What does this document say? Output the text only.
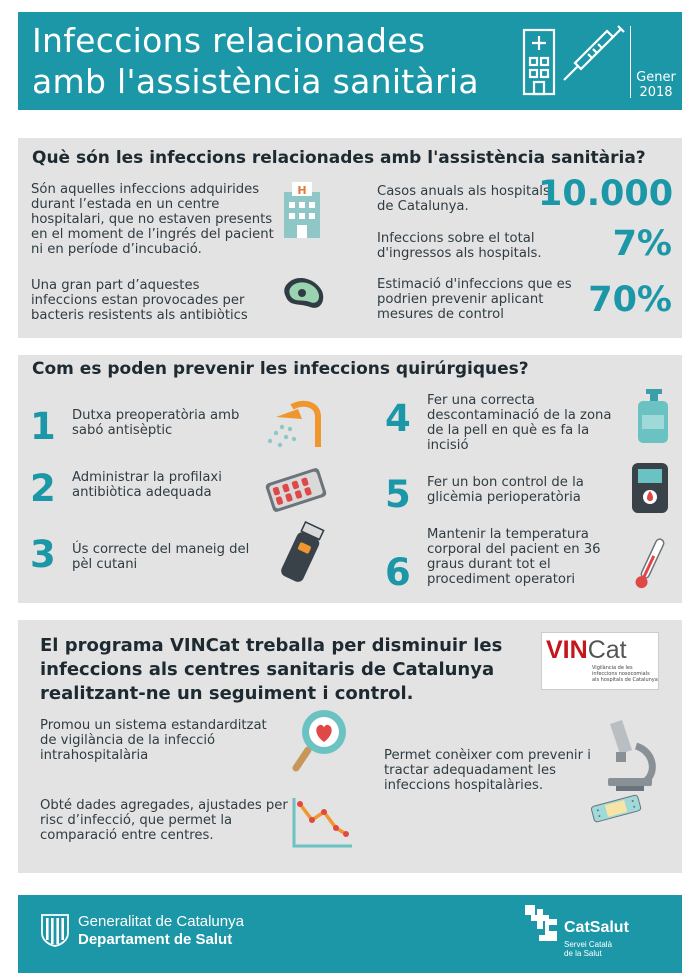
Infeccions relacionades
amb l'assistència sanitària	Gener
2018
Què són les infeccions relacionades amb l'assistència sanitària?
Són aquelles infeccions adquirides durant l’estada en un centre hospitalari, que no estaven presents en el moment de l’ingrés del pacient ni en període d’incubació.
Una gran part d’aquestes infeccions estan provocades per bacteris resistents als antibiòtics
H	Casos anuals als hospitals de Catalunya.	10.000
Infeccions sobre el total d'ingressos als hospitals.	7%
Estimació d'infeccions que es podrien prevenir aplicant mesures de control	70%
Com es poden prevenir les infeccions quirúrgiques?
1 Dutxa preoperatòria amb sabó antisèptic
2 Administrar la profilaxi antibiòtica adequada
3 Ús correcte del maneig del pèl cutani
4 Fer una correcta descontaminació de la zona de la pell en què es fa la incisió
5 Fer un bon control de la glicèmia perioperatòria
6
Mantenir la temperatura corporal del pacient en 36 graus durant tot el procediment operatori
El programa VINCat treballa per disminuir les infeccions als centres sanitaris de Catalunya realitzant-ne un seguiment i control.
VINCat
Vigilància de les infeccions nosocomials als hospitals de Catalunya
Promou un sistema estandarditzat de vigilància de la infecció intrahospitalària
Obté dades agregades, ajustades per risc d’infecció, que permet la comparació entre centres.
Permet conèixer com prevenir i tractar adequadament les infeccions hospitalàries.
Generalitat de Catalunya
Departament de Salut
CatSalut
Servei Català
de la Salut
